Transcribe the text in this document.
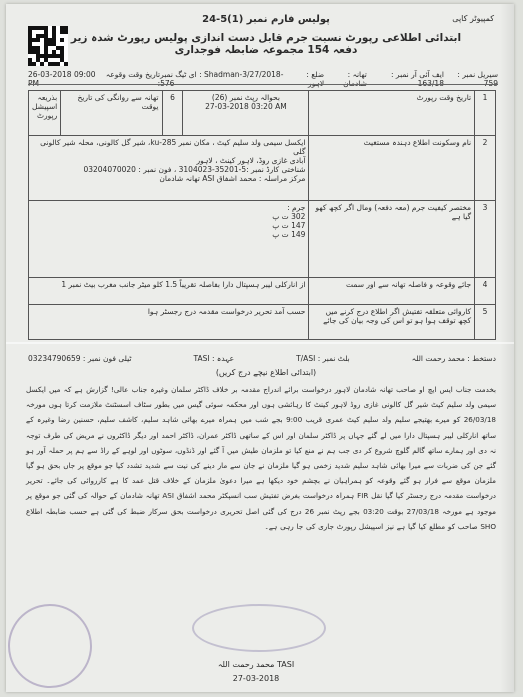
کمپیوٹر کاپی
پولیس فارم نمبر (1)5-24
ابتدائی اطلاعی رپورٹ نسبت جرم قابل دست اندازی پولیس رپورٹ شدہ زیر دفعہ 154 مجموعہ ضابطہ فوجداری
سیریل نمبر : 759
ایف آئی آر نمبر : 163/18
تھانہ : شادمان
ضلع : لاہور
ای ٹیگ نمبر : Shadman-3/27/2018-576
تاریخ وقت وقوعہ :
26-03-2018 09:00 PM
1	تاریخ وقت رپورٹ	بحوالہ رپٹ نمبر (26)
27-03-2018 03:20 AM	6	تھانہ سے روانگی کی تاریخ یوقت	بذریعہ اسپیشل رپورٹ
2	نام وسکونت اطلاع دہندہ مستغیث	ایکسل سیمی ولد سلیم کیٹ ، مکان نمبر 285-ku، شیر گل کالونی، محلہ شیر کالونی گلی
آبادی غازی روڈ، لاہور کینٹ ، لاہور
شناختی کارڈ نمبر :5-35201-3104023 ، فون نمبر : 03204070020
مرکز مراسلہ : محمد اشفاق ASI تھانہ شادمان			

3	مختصر کیفیت جرم (معہ دفعہ) ومال اگر کچھ کھو گیا ہے	جرم :
302 ت پ
147 ت پ
149 ت پ			

4	جائے وقوعہ و فاصلہ تھانہ سے اور سمت	از انارکلی لیبر ہسپتال دارا بفاصلہ تقریباً 1.5 کلو میٹر جانب مغرب بیٹ نمبر 1			
5	کاروائی متعلقہ تفتیش اگر اطلاع درج کرنے میں کچھ توقف ہوا ہو تو اس کی وجہ بیان کی جائے	حسب آمد تحریر درخواست مقدمہ درج رجسٹر ہوا			
دستخط : محمد رحمت اللہ
بلٹ نمبر : T/ASI
عہدہ : TASI
ٹیلی فون نمبر : 03234790659
(ابتدائی اطلاع نیچے درج کریں)
بخدمت جناب ایس ایچ او صاحب تھانہ شادمان لاہور درخواست برائے اندراج مقدمہ بر خلاف ڈاکٹر سلمان وغیرہ جناب عالی! گزارش ہے کہ میں ایکسل سیمی ولد سلیم کیٹ شیر گل کالونی غازی روڈ لاہور کینٹ کا رہائشی ہوں اور محکمہ سوئی گیس میں بطور سٹاف اسسٹنٹ ملازمت کرتا ہوں مورخہ 26/03/18 کو میرے بھتیجے سلیم ولد سلیم کیٹ عمری قریب 9:00 بجے شب میں ہمراہ میرے بھائی شاہد سلیم، کاشف سلیم، حسنین رضا وغیرہ کے ساتھ انارکلی لیبر ہسپتال دارا میں لے گئے جہاں پر ڈاکٹر سلمان اور اس کے ساتھی ڈاکٹر عمران، ڈاکٹر احمد اور دیگر ڈاکٹروں نے مریض کی طرف توجہ نہ دی اور ہمارے ساتھ گالم گلوچ شروع کر دی جب ہم نے منع کیا تو ملزمان طیش میں آ گئے اور ڈنڈوں، سوٹوں اور لوہے کے راڈ سے ہم پر حملہ آور ہو گئے جن کی ضربات سے میرا بھائی شاہد سلیم شدید زخمی ہو گیا ملزمان نے جان سے مار دینے کی نیت سے شدید تشدد کیا جو موقع پر جاں بحق ہو گیا ملزمان موقع سے فرار ہو گئے وقوعہ کو ہمراہیان نے بچشم خود دیکھا ہے میرا دعویٰ ملزمان کے خلاف قتل عمد کا ہے کارروائی کی جائے۔ تحریر درخواست مقدمہ درج رجسٹر کیا گیا نقل FIR ہمراہ درخواست بغرض تفتیش سب انسپکٹر محمد اشفاق ASI تھانہ شادمان کے حوالہ کی گئی جو موقع پر موجود ہے مورخہ 27/03/18 بوقت 03:20 بجے رپٹ نمبر 26 درج کی گئی اصل تحریری درخواست بحق سرکار ضبط کی گئی ہے حسب ضابطہ اطلاع SHO صاحب کو مطلع کیا گیا ہے نیز اسپیشل رپورٹ جاری کی جا رہی ہے۔
TASI محمد رحمت اللہ
27-03-2018
